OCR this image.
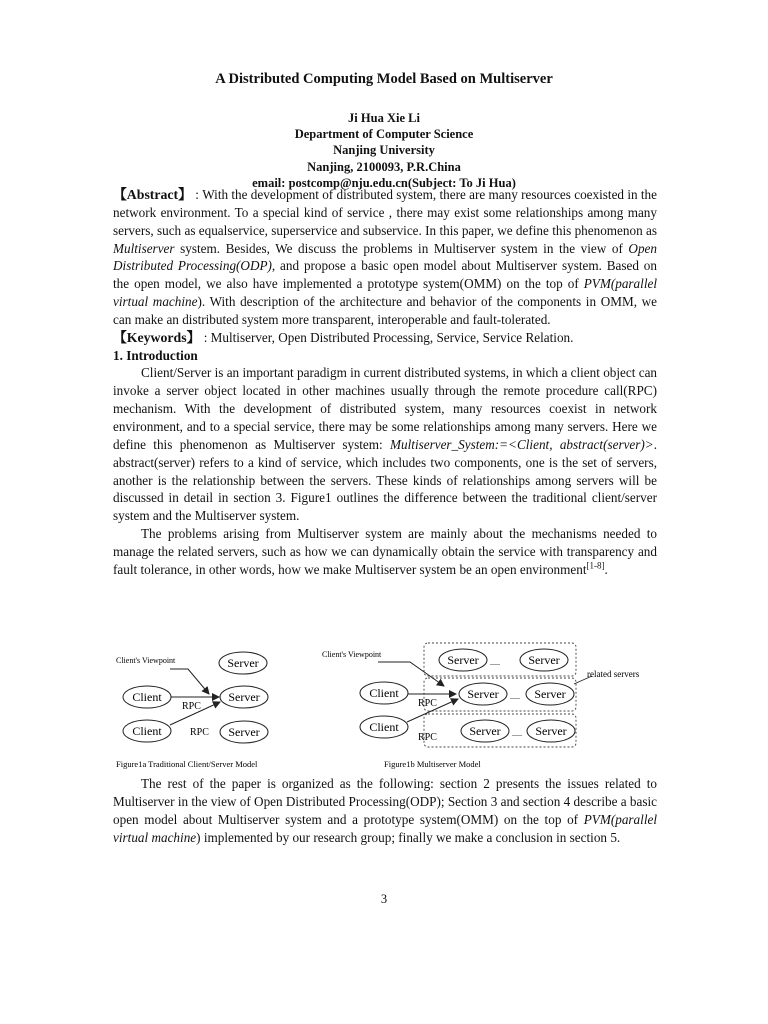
A Distributed Computing Model Based on Multiserver
Ji Hua Xie Li
Department of Computer Science
Nanjing University
Nanjing, 2100093, P.R.China
email: postcomp@nju.edu.cn(Subject: To Ji Hua)

【Abstract】 : With the development of distributed system, there are many resources coexisted in the network environment. To a special kind of service , there may exist some relationships among many servers, such as equalservice, superservice and subservice. In this paper, we define this phenomenon as Multiserver system. Besides, We discuss the problems in Multiserver system in the view of Open Distributed Processing(ODP), and propose a basic open model about Multiserver system. Based on the open model, we also have implemented a prototype system(OMM) on the top of PVM(parallel virtual machine). With description of the architecture and behavior of the components in OMM, we can make an distributed system more transparent, interoperable and fault-tolerated.

【Keywords】 : Multiserver, Open Distributed Processing, Service, Service Relation.

1. Introduction

Client/Server is an important paradigm in current distributed systems, in which a client object can invoke a server object located in other machines usually through the remote procedure call(RPC) mechanism. With the development of distributed system, many resources coexist in network environment, and to a special service, there may be some relationships among many servers. Here we define this phenomenon as Multiserver system: Multiserver_System:=<Client, abstract(server)>. abstract(server) refers to a kind of service, which includes two components, one is the set of servers, another is the relationship between the servers. These kinds of relationships among servers will be discussed in detail in section 3. Figure1 outlines the difference between the traditional client/server system and the Multiserver system.

The problems arising from Multiserver system are mainly about the mechanisms needed to manage the related servers, such as how we can dynamically obtain the service with transparency and fault tolerance, in other words, how we make Multiserver system be an open environment[1-8].

Client's Viewpoint	Server
Client	Server
Client	Server
RPC
RPC
Figure1a Traditional Client/Server Model
Client's Viewpoint	Server ..... Server
Server ..... Server
Server ..... Server
Client
Client
RPC
RPC
related servers
Figure1b Multiserver Model

The rest of the paper is organized as the following: section 2 presents the issues related to Multiserver in the view of Open Distributed Processing(ODP); Section 3 and section 4 describe a basic open model about Multiserver system and a prototype system(OMM) on the top of PVM(parallel virtual machine) implemented by our research group; finally we make a conclusion in section 5.

3
